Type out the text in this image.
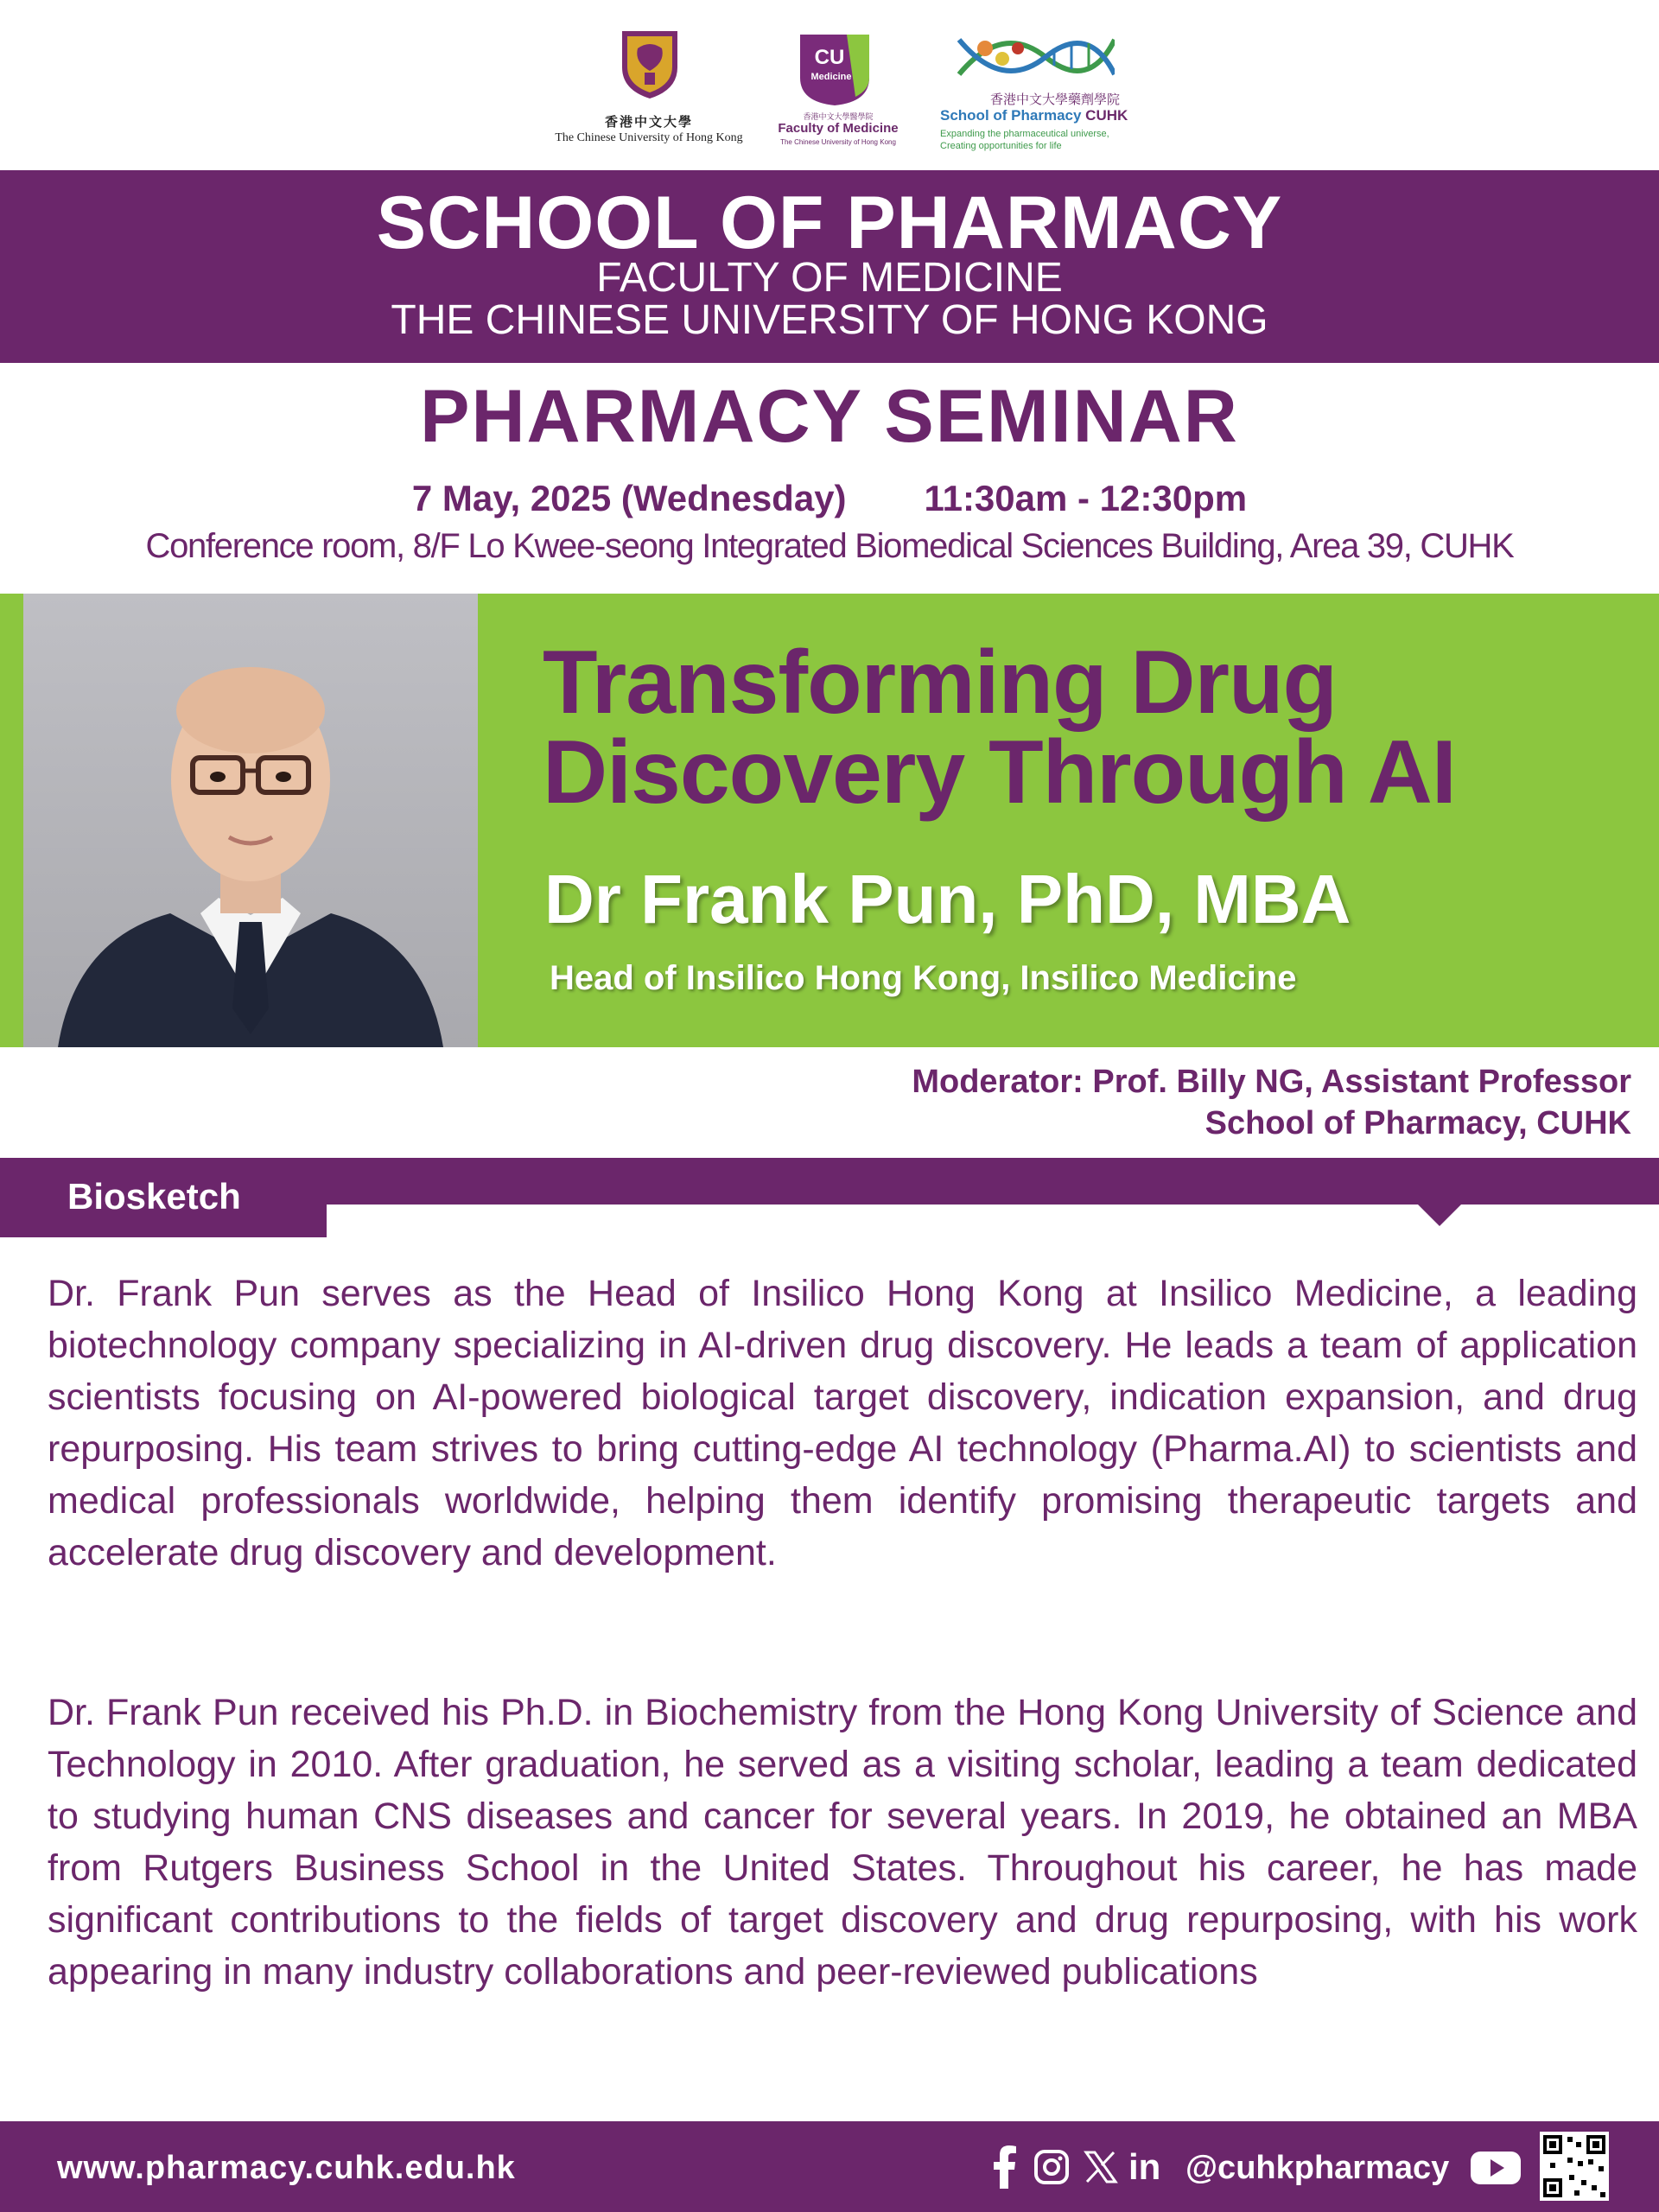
香港中文大學
The Chinese University of Hong Kong
CU
Medicine
香港中文大學醫學院
Faculty of Medicine
The Chinese University of Hong Kong
香港中文大學藥劑學院
School of Pharmacy CUHK
Expanding the pharmaceutical universe,
Creating opportunities for life
SCHOOL OF PHARMACY
FACULTY OF MEDICINE
THE CHINESE UNIVERSITY OF HONG KONG
PHARMACY SEMINAR
7 May, 2025 (Wednesday) 11:30am - 12:30pm
Conference room, 8/F Lo Kwee-seong Integrated Biomedical Sciences Building, Area 39, CUHK
Transforming Drug
Discovery Through AI
Dr Frank Pun, PhD, MBA
Head of Insilico Hong Kong, Insilico Medicine
Moderator: Prof. Billy NG, Assistant Professor
School of Pharmacy, CUHK
Biosketch
Dr. Frank Pun serves as the Head of Insilico Hong Kong at Insilico Medicine, a leading biotechnology company specializing in AI-driven drug discovery. He leads a team of application scientists focusing on AI-powered biological target discovery, indication expansion, and drug repurposing. His team strives to bring cutting-edge AI technology (Pharma.AI) to scientists and medical professionals worldwide, helping them identify promising therapeutic targets and accelerate drug discovery and development.
Dr. Frank Pun received his Ph.D. in Biochemistry from the Hong Kong University of Science and Technology in 2010. After graduation, he served as a visiting scholar, leading a team dedicated to studying human CNS diseases and cancer for several years. In 2019, he obtained an MBA from Rutgers Business School in the United States. Throughout his career, he has made significant contributions to the fields of target discovery and drug repurposing, with his work appearing in many industry collaborations and peer-reviewed publications
www.pharmacy.cuhk.edu.hk	in @cuhkpharmacy
